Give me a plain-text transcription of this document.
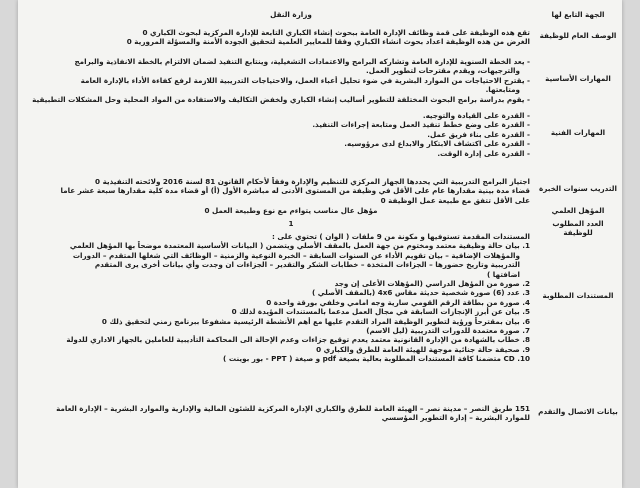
الجهة التابع لها
وزارة النقل
الوصف العام للوظيفة
تقع هذه الوظيفة على قمة وظائف الإدارة العامة ببحوث إنشاء الكباري التابعة للإدارة المركزية لبحوث الكباري 0
الغرض من هذه الوظيفة اعداد بحوث انشاء الكباري وفقا للمعايير العلمية لتحقيق الجودة الأمنة والمسؤلة المرورية 0
المهارات الأساسية
- يعد الخطة السنوية للإدارة العامة وتشاركه البرامج والاعتمادات التشغيلية، وينتابع التنفيذ لضمان الالتزام بالخطة الانفاذية والبرامج
والترجيهات، ويقدم مقترحات لتطوير العمل.
- يقترح الاحتياجات من الموارد البشرية في ضوء تحليل أعباء العمل، والاحتياجات التدريبية اللازمة لرفع كفاءة الأداء بالإدارة العامة
ومتابعتها.
- يقوم بدراسة برامج البحوث المختلفة للتطوير أساليب إنشاء الكباري ولخفض التكاليف والاستفادة من المواد المحلية وحل المشكلات التطبيقية
المهارات الفنية
- القدرة على القيادة والتوجيه.
- القدرة على وضع خطط تنفيذ العمل ومتابعة إجراءات التنفيذ.
- القدرة على بناء فريق عمل.
- القدرة على اكتشاف الابتكار والابداع لدى مرؤوسيه.
- القدرة على إدارة الوقت.
التدريب سنوات الخبرة
اجتياز البرامج التدريبية التي يحددها الجهاز المركزي للتنظيم والإدارة وفقاً لأحكام القانون 81 لسنة 2016 ولائحته التنفيذية 0
قضاء مدة بينية مقدارها عام على الأقل في وظيفة من المستوى الأدنى له مباشرة الأول (أ) أو قضاء مدة كلية مقدارها سبعة عشر عاما
على الأقل تتفق مع طبيعة عمل الوظيفة 0
المؤهل العلمي
مؤهل عال مناسب يتواءم مع نوع وطبيعة العمل 0
العدد المطلوب للوظيفة
1
المستندات المطلوبة
المستندات المقدمة تستوفيها و مكونة من 9 ملفات ( الوان ) تحتوي على :
1. بيان حالة وظيفية معتمد ومختوم من جهة العمل بالمقف الأصلي ويتضمن ( البيانات الأساسية المعتمدة موضحاً بها المؤهل العلمي
والمؤهلات الإضافية – بيان تقويم الأداء عن السنوات السابقة – الخبرة النوعية والزمنية – الوظائف التي شغلها المتقدم – الدورات
التدريبية وتاريخ حضورها – الجزاءات المتخذة – خطابات الشكر والتقدير – الجزاءات ان وجدت وأي بيانات أخرى يرى المتقدم
اضافتها )
2. صورة من المؤهل الدراسي (المؤهلات الأعلى إن وجد
3. عدد (6) صورة شخصية حديثة مقاس 4x6 (بالمقف الأصلي )
4. صورة من بطاقة الرقم القومي سارية وجه امامي وخلفي بورقة واحدة 0
5. بيان عن أبرز الإنجازات السابقة في مجال العمل مدعما بالمستندات المؤيدة لذلك 0
6. بيان بمقترحاً ورؤية لتطوير الوظيفة المراد التقدم عليها مع أهم الأنشطة الرئيسية مشفوعا ببرنامج زمني لتحقيق ذلك 0
7. صورة معتمدة للدورات التدريبية (ليل الاسم)
8. خطاب بالشهادة من الإدارة القانونية معتمد يعدم توقيع جزاءات وعدم الإحالة الى المحاكمة التأديبية للعاملين بالجهاز الاداري للدولة
9. صحيفة حالة جنائية موجهة للهيئة العامة للطرق والكباري 0
10. CD متضمنا كافة المستندات المطلوبة بعالية بصيغة pdf و صيغة ( PPT - بور بوينت )
بيانات الاتصال والتقدم
151 طريق النصر – مدينة نصر – الهيئة العامة للطرق والكباري الإدارة المركزية للشئون المالية والإدارية والموارد البشرية – الإدارة العامة
للموارد البشرية – إدارة التطوير المؤسسي
